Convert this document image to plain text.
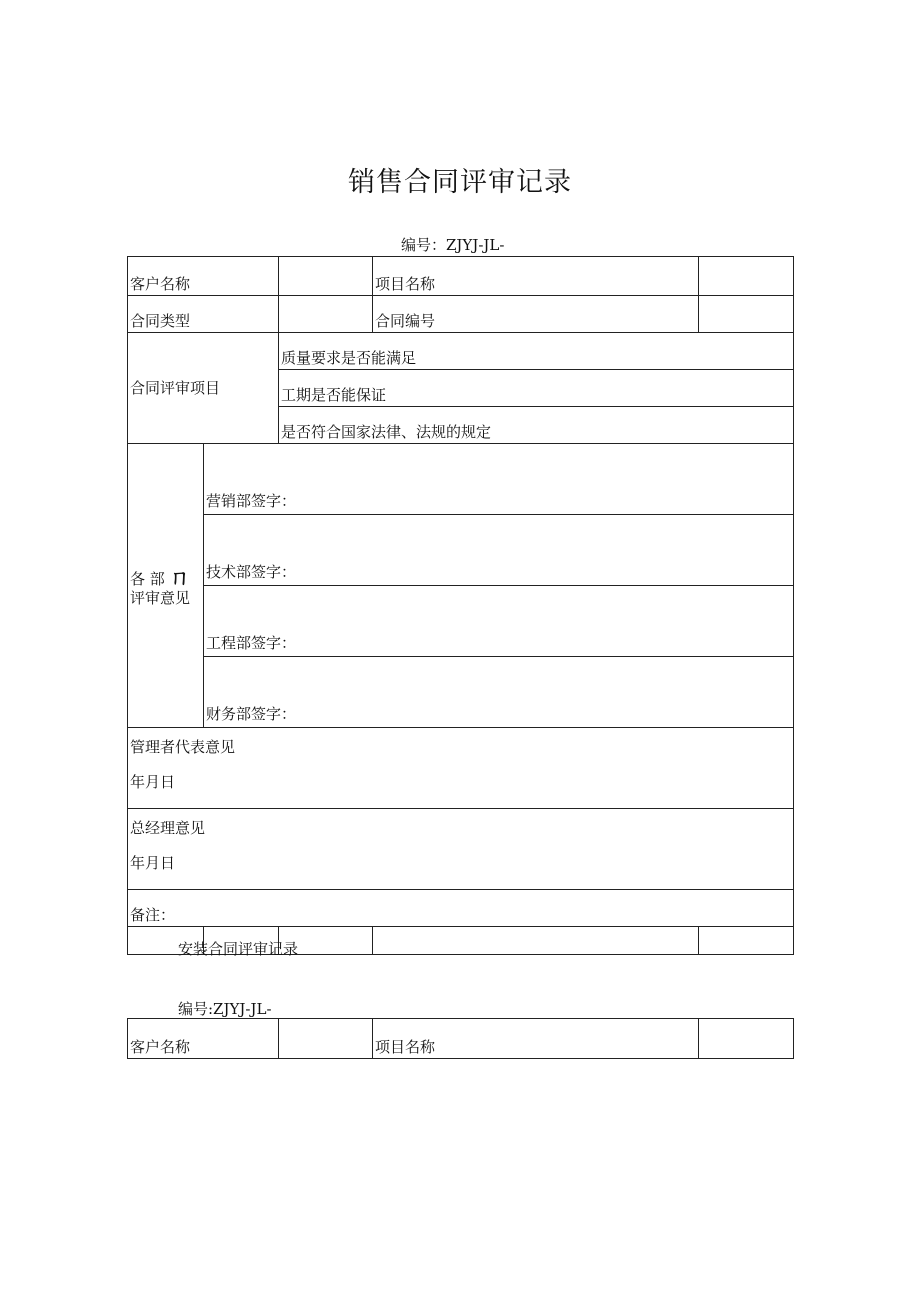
销售合同评审记录
编号：ZJYJ-JL-
客户名称			项目名称	
合同类型			合同编号	
合同评审项目		质量要求是否能满足		
		工期是否能保证		
		是否符合国家法律、法规的规定		
各 部 ㄇ
评审意见	营销部签字：			
	技术部签字：			
	工程部签字：			
	财务部签字：			

管理者代表意见
年月日				

总经理意见
年月日				

备注：				

安装合同评审记录
编号:ZJYJ-JL-
客户名称		项目名称	
